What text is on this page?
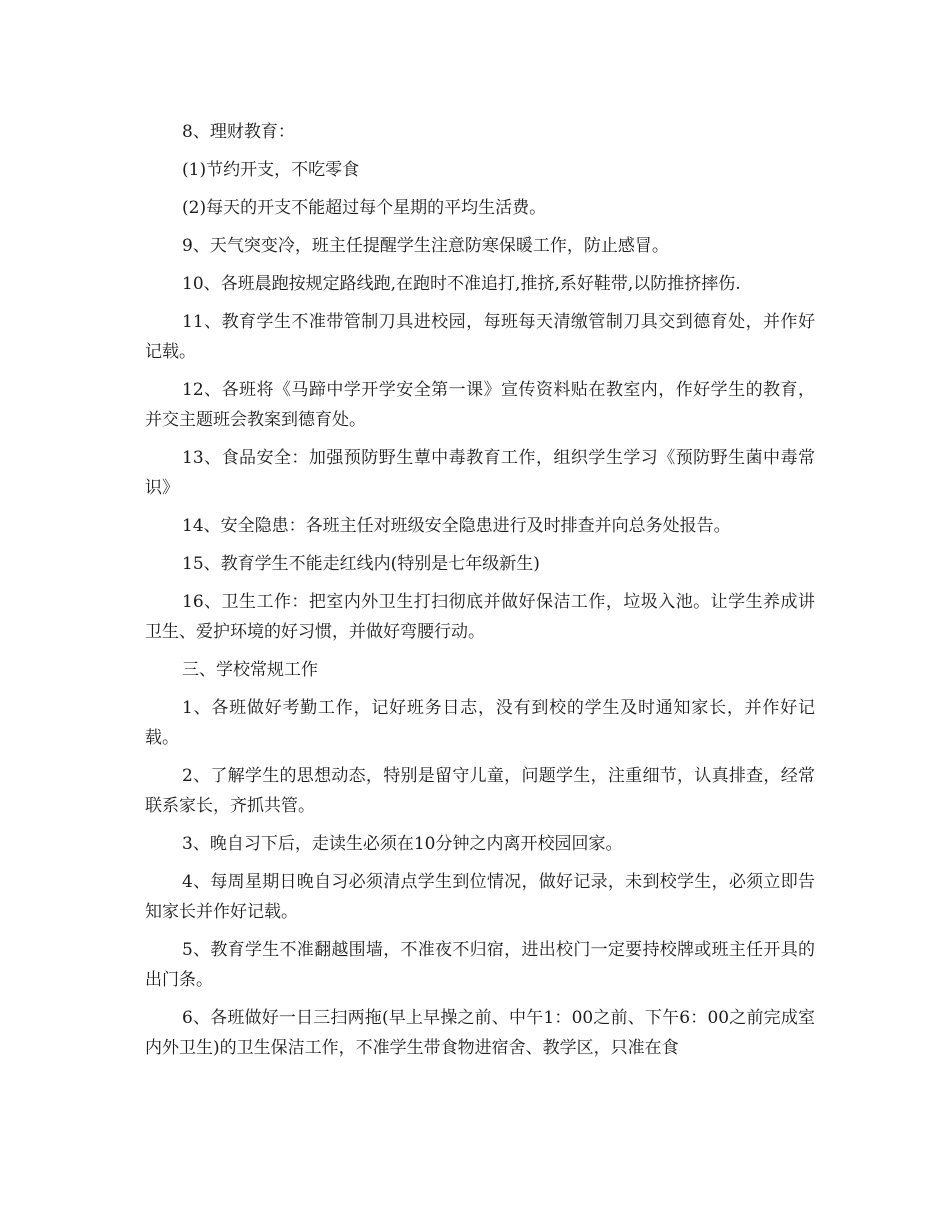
8、理财教育：

(1)节约开支，不吃零食

(2)每天的开支不能超过每个星期的平均生活费。

9、天气突变冷，班主任提醒学生注意防寒保暖工作，防止感冒。

10、各班晨跑按规定路线跑,在跑时不准追打,推挤,系好鞋带,以防推挤摔伤.

11、教育学生不准带管制刀具进校园，每班每天清缴管制刀具交到德育处，并作好记载。

12、各班将《马蹄中学开学安全第一课》宣传资料贴在教室内，作好学生的教育，并交主题班会教案到德育处。

13、食品安全：加强预防野生蕈中毒教育工作，组织学生学习《预防野生菌中毒常识》

14、安全隐患：各班主任对班级安全隐患进行及时排查并向总务处报告。

15、教育学生不能走红线内(特别是七年级新生)

16、卫生工作：把室内外卫生打扫彻底并做好保洁工作，垃圾入池。让学生养成讲卫生、爱护环境的好习惯，并做好弯腰行动。

三、学校常规工作

1、各班做好考勤工作，记好班务日志，没有到校的学生及时通知家长，并作好记载。

2、了解学生的思想动态，特别是留守儿童，问题学生，注重细节，认真排查，经常联系家长，齐抓共管。

3、晚自习下后，走读生必须在10分钟之内离开校园回家。

4、每周星期日晚自习必须清点学生到位情况，做好记录，未到校学生，必须立即告知家长并作好记载。

5、教育学生不准翻越围墙，不准夜不归宿，进出校门一定要持校牌或班主任开具的出门条。

6、各班做好一日三扫两拖(早上早操之前、中午1：00之前、下午6：00之前完成室内外卫生)的卫生保洁工作，不准学生带食物进宿舍、教学区，只准在食
